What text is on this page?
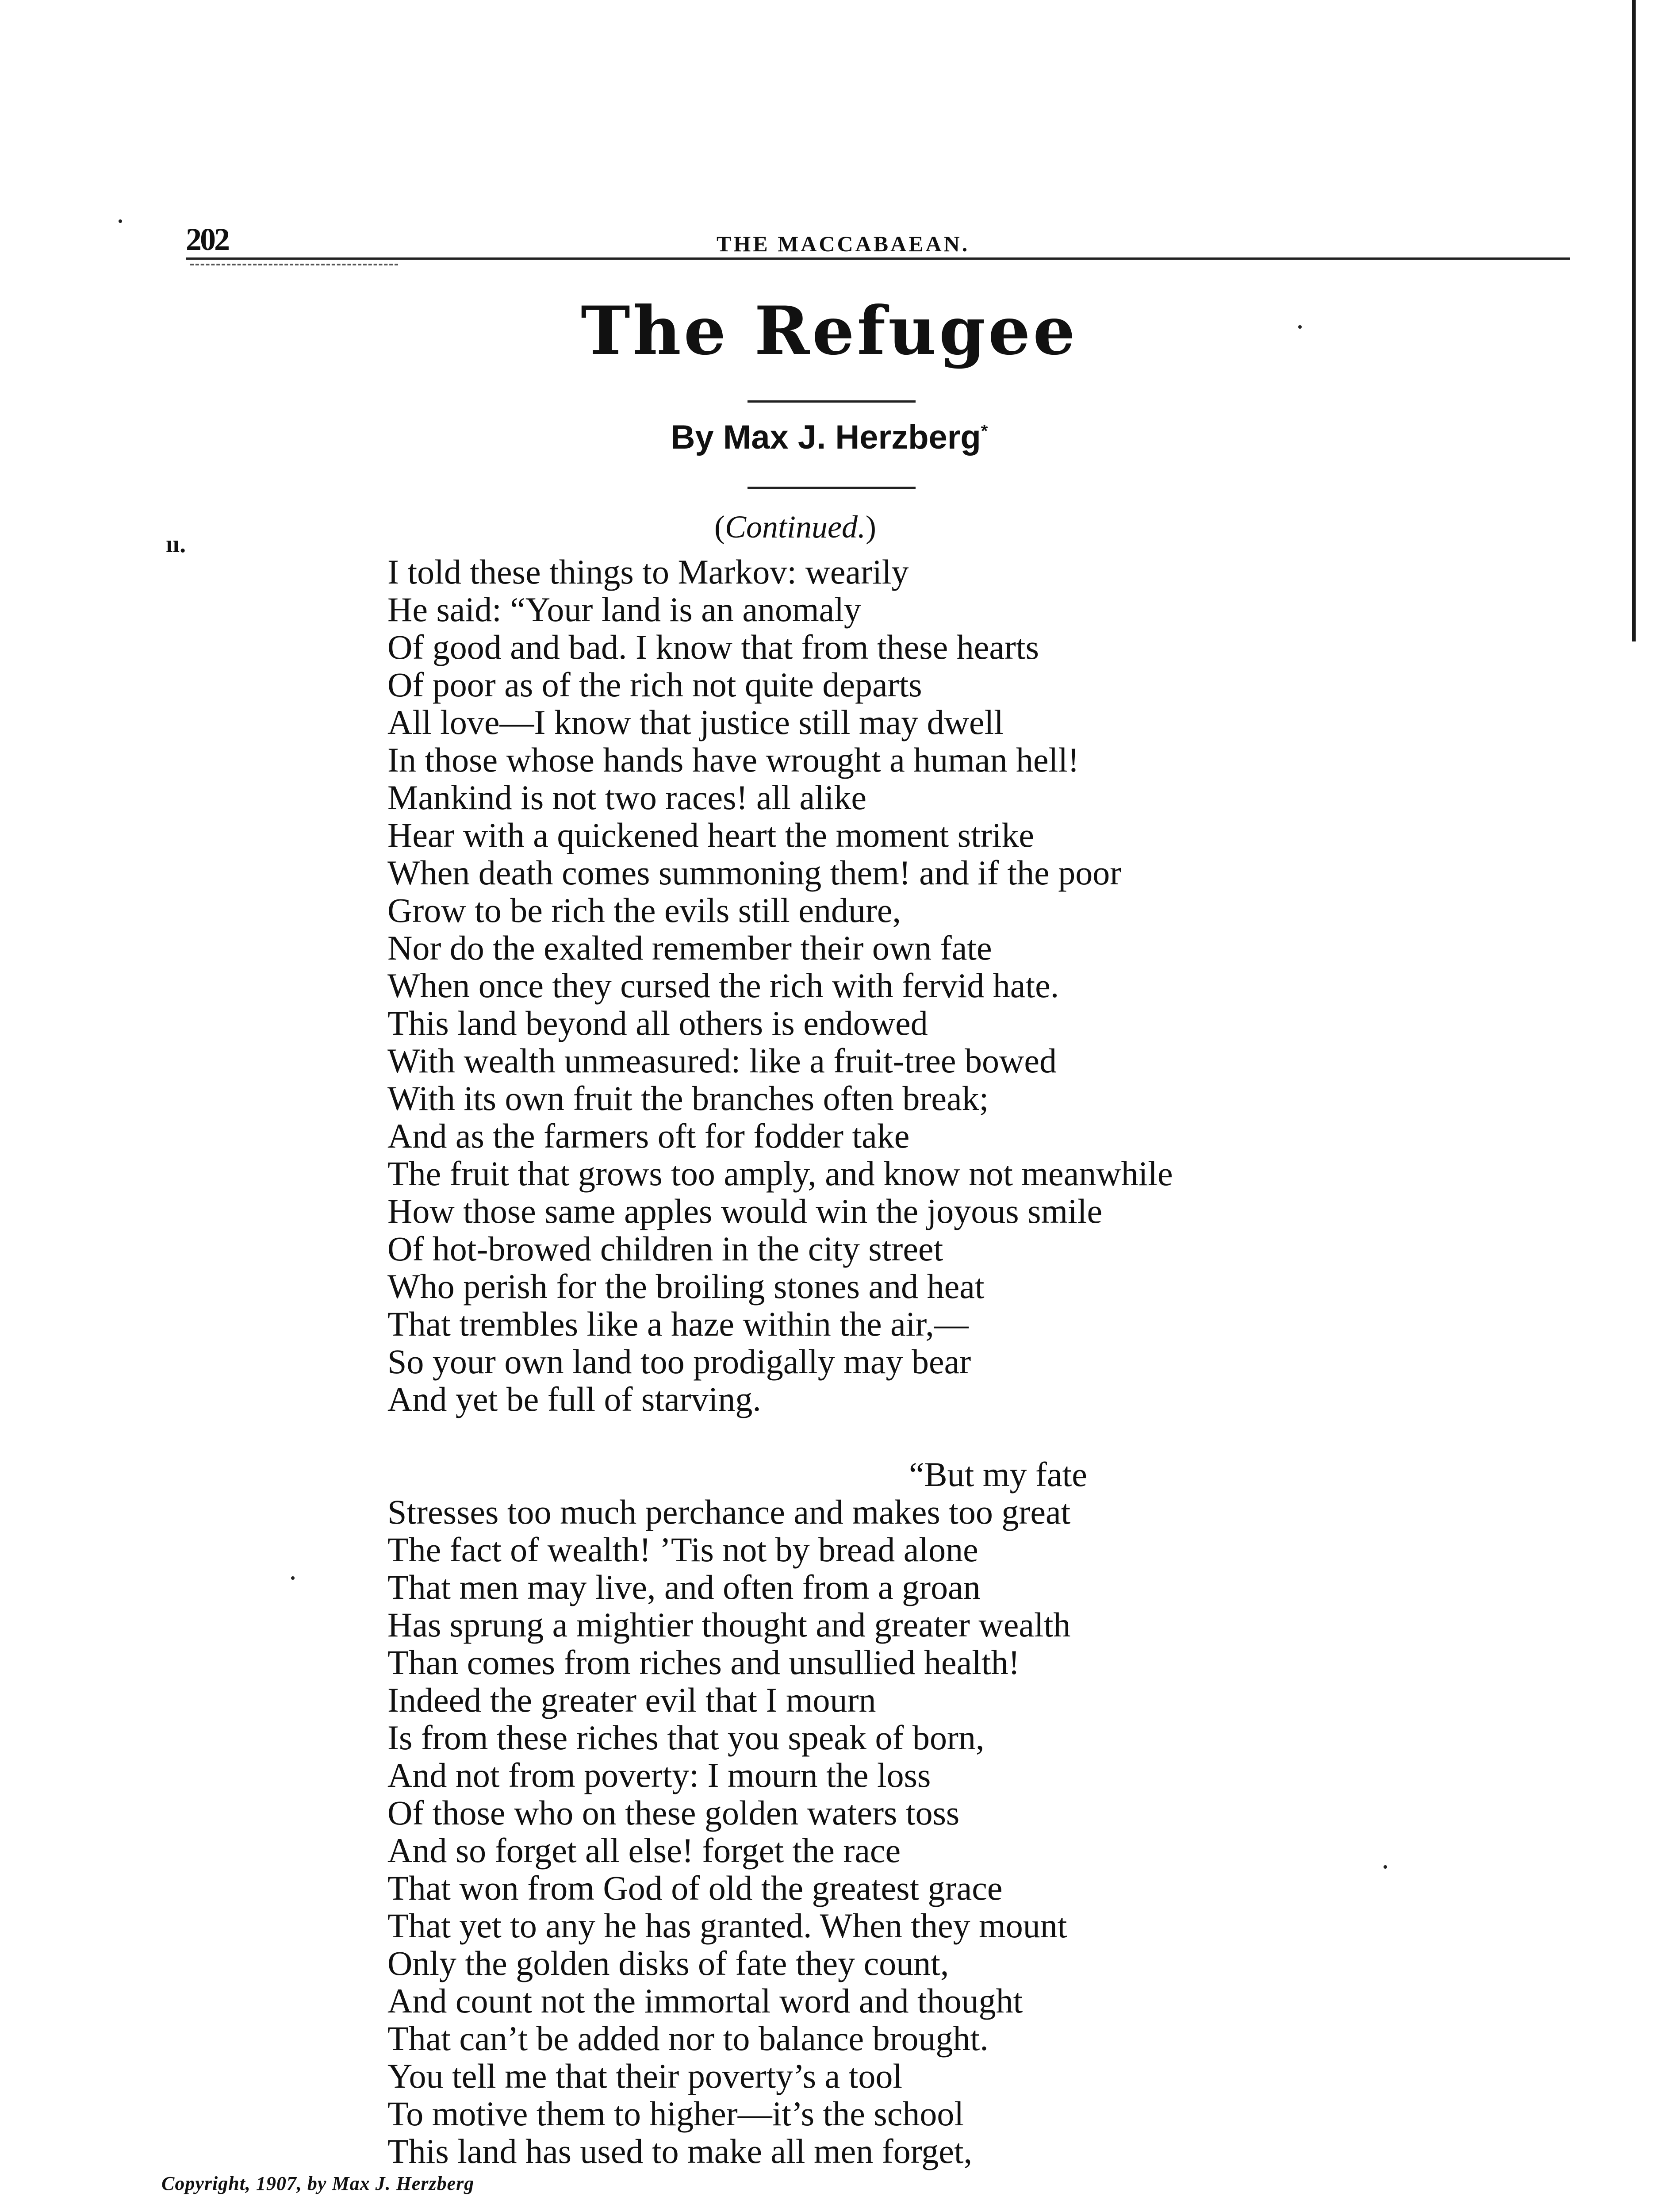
202	THE MACCABAEAN.
The Refugee
By Max J. Herzberg*
ıı.	(Continued.)
I told these things to Markov: wearily
He said: “Your land is an anomaly
Of good and bad. I know that from these hearts
Of poor as of the rich not quite departs
All love—I know that justice still may dwell
In those whose hands have wrought a human hell!
Mankind is not two races! all alike
Hear with a quickened heart the moment strike
When death comes summoning them! and if the poor
Grow to be rich the evils still endure,
Nor do the exalted remember their own fate
When once they cursed the rich with fervid hate.
This land beyond all others is endowed
With wealth unmeasured: like a fruit-tree bowed
With its own fruit the branches often break;
And as the farmers oft for fodder take
The fruit that grows too amply, and know not meanwhile
How those same apples would win the joyous smile
Of hot-browed children in the city street
Who perish for the broiling stones and heat
That trembles like a haze within the air,—
So your own land too prodigally may bear
And yet be full of starving.
“But my fate
Stresses too much perchance and makes too great
The fact of wealth! ’Tis not by bread alone
That men may live, and often from a groan
Has sprung a mightier thought and greater wealth
Than comes from riches and unsullied health!
Indeed the greater evil that I mourn
Is from these riches that you speak of born,
And not from poverty: I mourn the loss
Of those who on these golden waters toss
And so forget all else! forget the race
That won from God of old the greatest grace
That yet to any he has granted. When they mount
Only the golden disks of fate they count,
And count not the immortal word and thought
That can’t be added nor to balance brought.
You tell me that their poverty’s a tool
To motive them to higher—it’s the school
This land has used to make all men forget,
Copyright, 1907, by Max J. Herzberg
